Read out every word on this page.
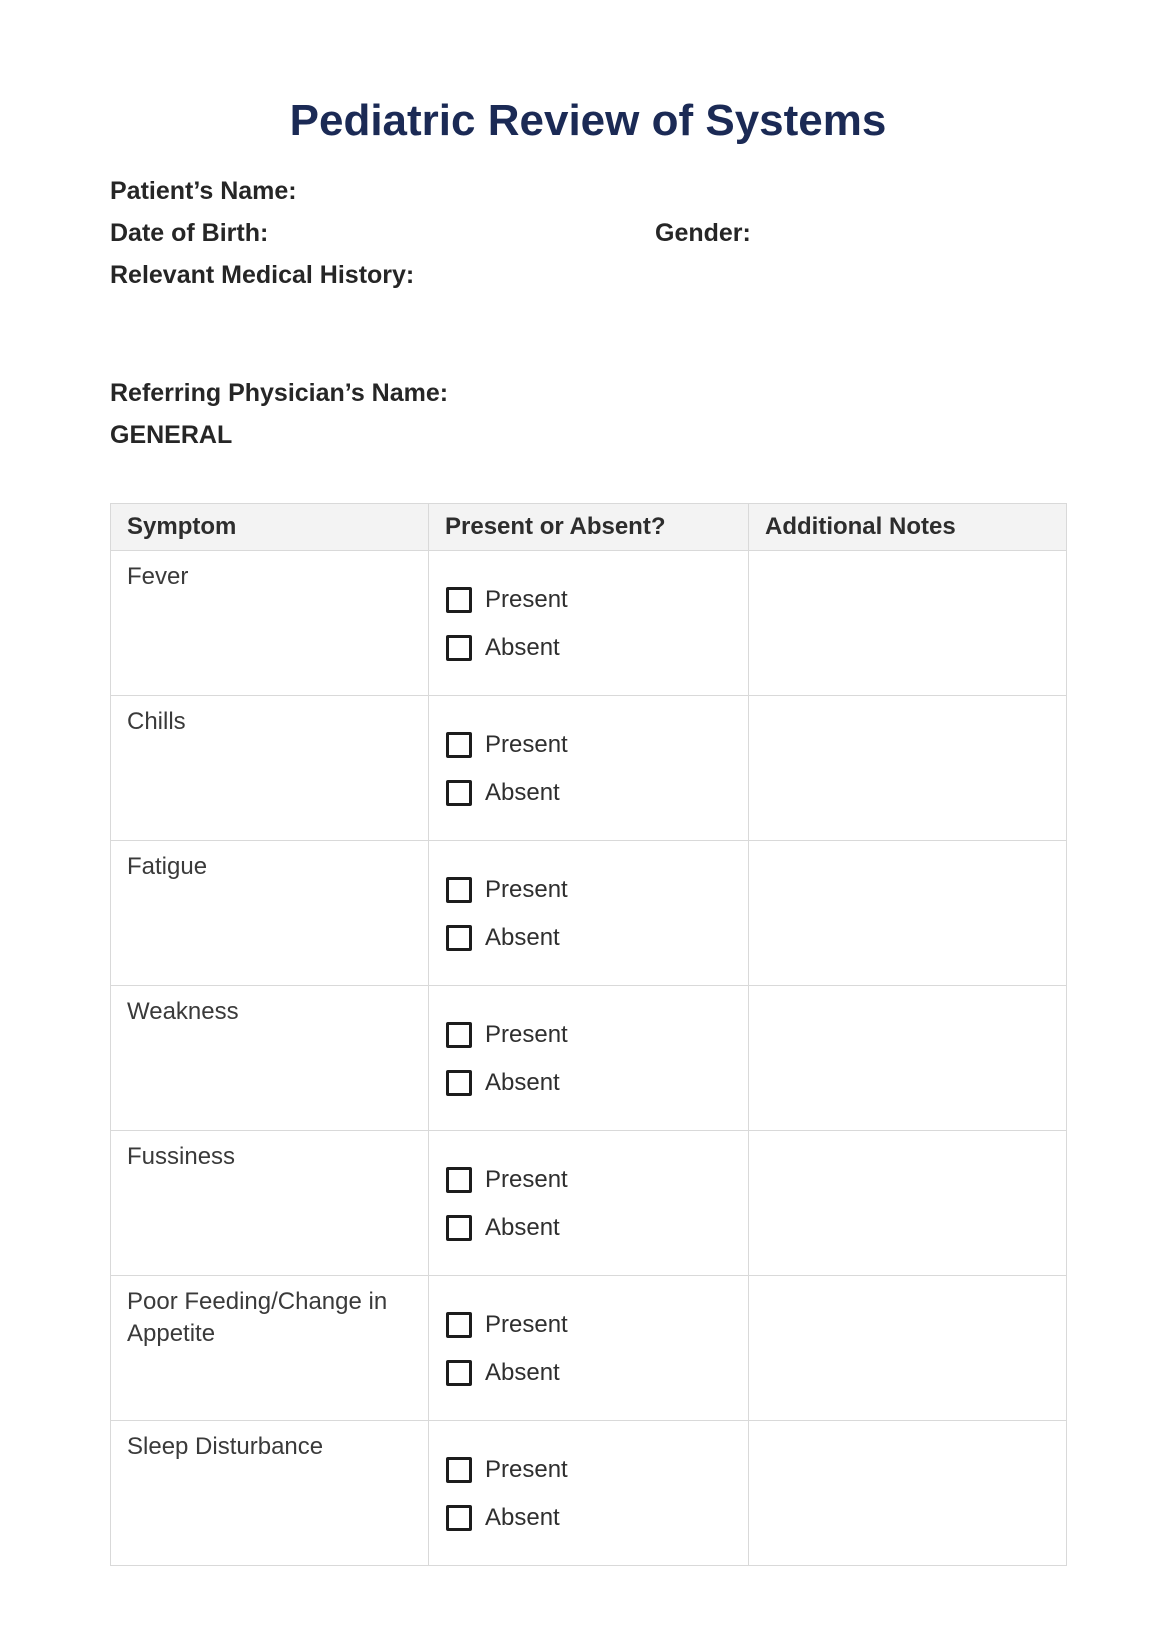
Pediatric Review of Systems
Patient’s Name:
Date of Birth:	Gender:
Relevant Medical History:
Referring Physician’s Name:
GENERAL
Symptom	Present or Absent?	Additional Notes
Fever	Present
Absent	

Chills	Present
Absent	

Fatigue	Present
Absent	

Weakness	Present
Absent	

Fussiness	Present
Absent	

Poor Feeding/Change in Appetite	Present
Absent	

Sleep Disturbance	Present
Absent	
